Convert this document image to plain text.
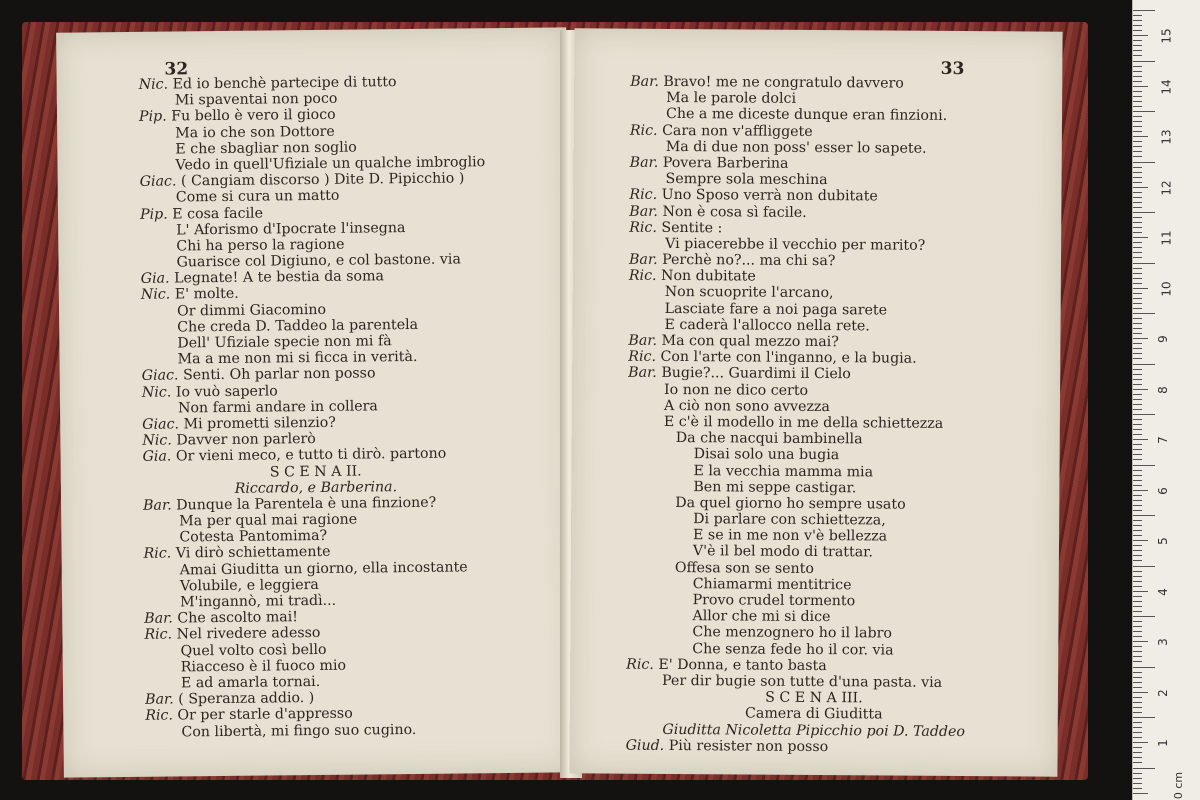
32
Nic. Ed io benchè partecipe di tutto
Mi spaventai non poco
Pip. Fu bello è vero il gioco
Ma io che son Dottore
E che sbagliar non soglio
Vedo in quell'Ufiziale un qualche imbroglio
Giac. ( Cangiam discorso ) Dite D. Pipicchio )
Come si cura un matto
Pip. E cosa facile
L' Aforismo d'Ipocrate l'insegna
Chi ha perso la ragione
Guarisce col Digiuno, e col bastone. via
Gia. Legnate! A te bestia da soma
Nic. E' molte.
Or dimmi Giacomino
Che creda D. Taddeo la parentela
Dell' Ufiziale specie non mi fà
Ma a me non mi si ficca in verità.
Giac. Senti. Oh parlar non posso
Nic. Io vuò saperlo
Non farmi andare in collera
Giac. Mi prometti silenzio?
Nic. Davver non parlerò
Gia. Or vieni meco, e tutto ti dirò. partono
S C E N A II.
Riccardo, e Barberina.
Bar. Dunque la Parentela è una finzione?
Ma per qual mai ragione
Cotesta Pantomima?
Ric. Vi dirò schiettamente
Amai Giuditta un giorno, ella incostante
Volubile, e leggiera
M'ingannò, mi tradì...
Bar. Che ascolto mai!
Ric. Nel rivedere adesso
Quel volto così bello
Riacceso è il fuoco mio
E ad amarla tornai.
Bar. ( Speranza addio. )
Ric. Or per starle d'appresso
Con libertà, mi fingo suo cugino.
33
Bar. Bravo! me ne congratulo davvero
Ma le parole dolci
Che a me diceste dunque eran finzioni.
Ric. Cara non v'affliggete
Ma di due non poss' esser lo sapete.
Bar. Povera Barberina
Sempre sola meschina
Ric. Uno Sposo verrà non dubitate
Bar. Non è cosa sì facile.
Ric. Sentite :
Vi piacerebbe il vecchio per marito?
Bar. Perchè no?... ma chi sa?
Ric. Non dubitate
Non scuoprite l'arcano,
Lasciate fare a noi paga sarete
E caderà l'allocco nella rete.
Bar. Ma con qual mezzo mai?
Ric. Con l'arte con l'inganno, e la bugia.
Bar. Bugie?... Guardimi il Cielo
Io non ne dico certo
A ciò non sono avvezza
E c'è il modello in me della schiettezza
Da che nacqui bambinella
Disai solo una bugia
E la vecchia mamma mia
Ben mi seppe castigar.
Da quel giorno ho sempre usato
Di parlare con schiettezza,
E se in me non v'è bellezza
V'è il bel modo di trattar.
Offesa son se sento
Chiamarmi mentitrice
Provo crudel tormento
Allor che mi si dice
Che menzognero ho il labro
Che senza fede ho il cor. via
Ric. E' Donna, e tanto basta
Per dir bugie son tutte d'una pasta. via
S C E N A III.
Camera di Giuditta
Giuditta Nicoletta Pipicchio poi D. Taddeo
Giud. Più resister non posso
0 cm
15
14
13
12
11
10
9
8
7
6
5
4
3
2
1
